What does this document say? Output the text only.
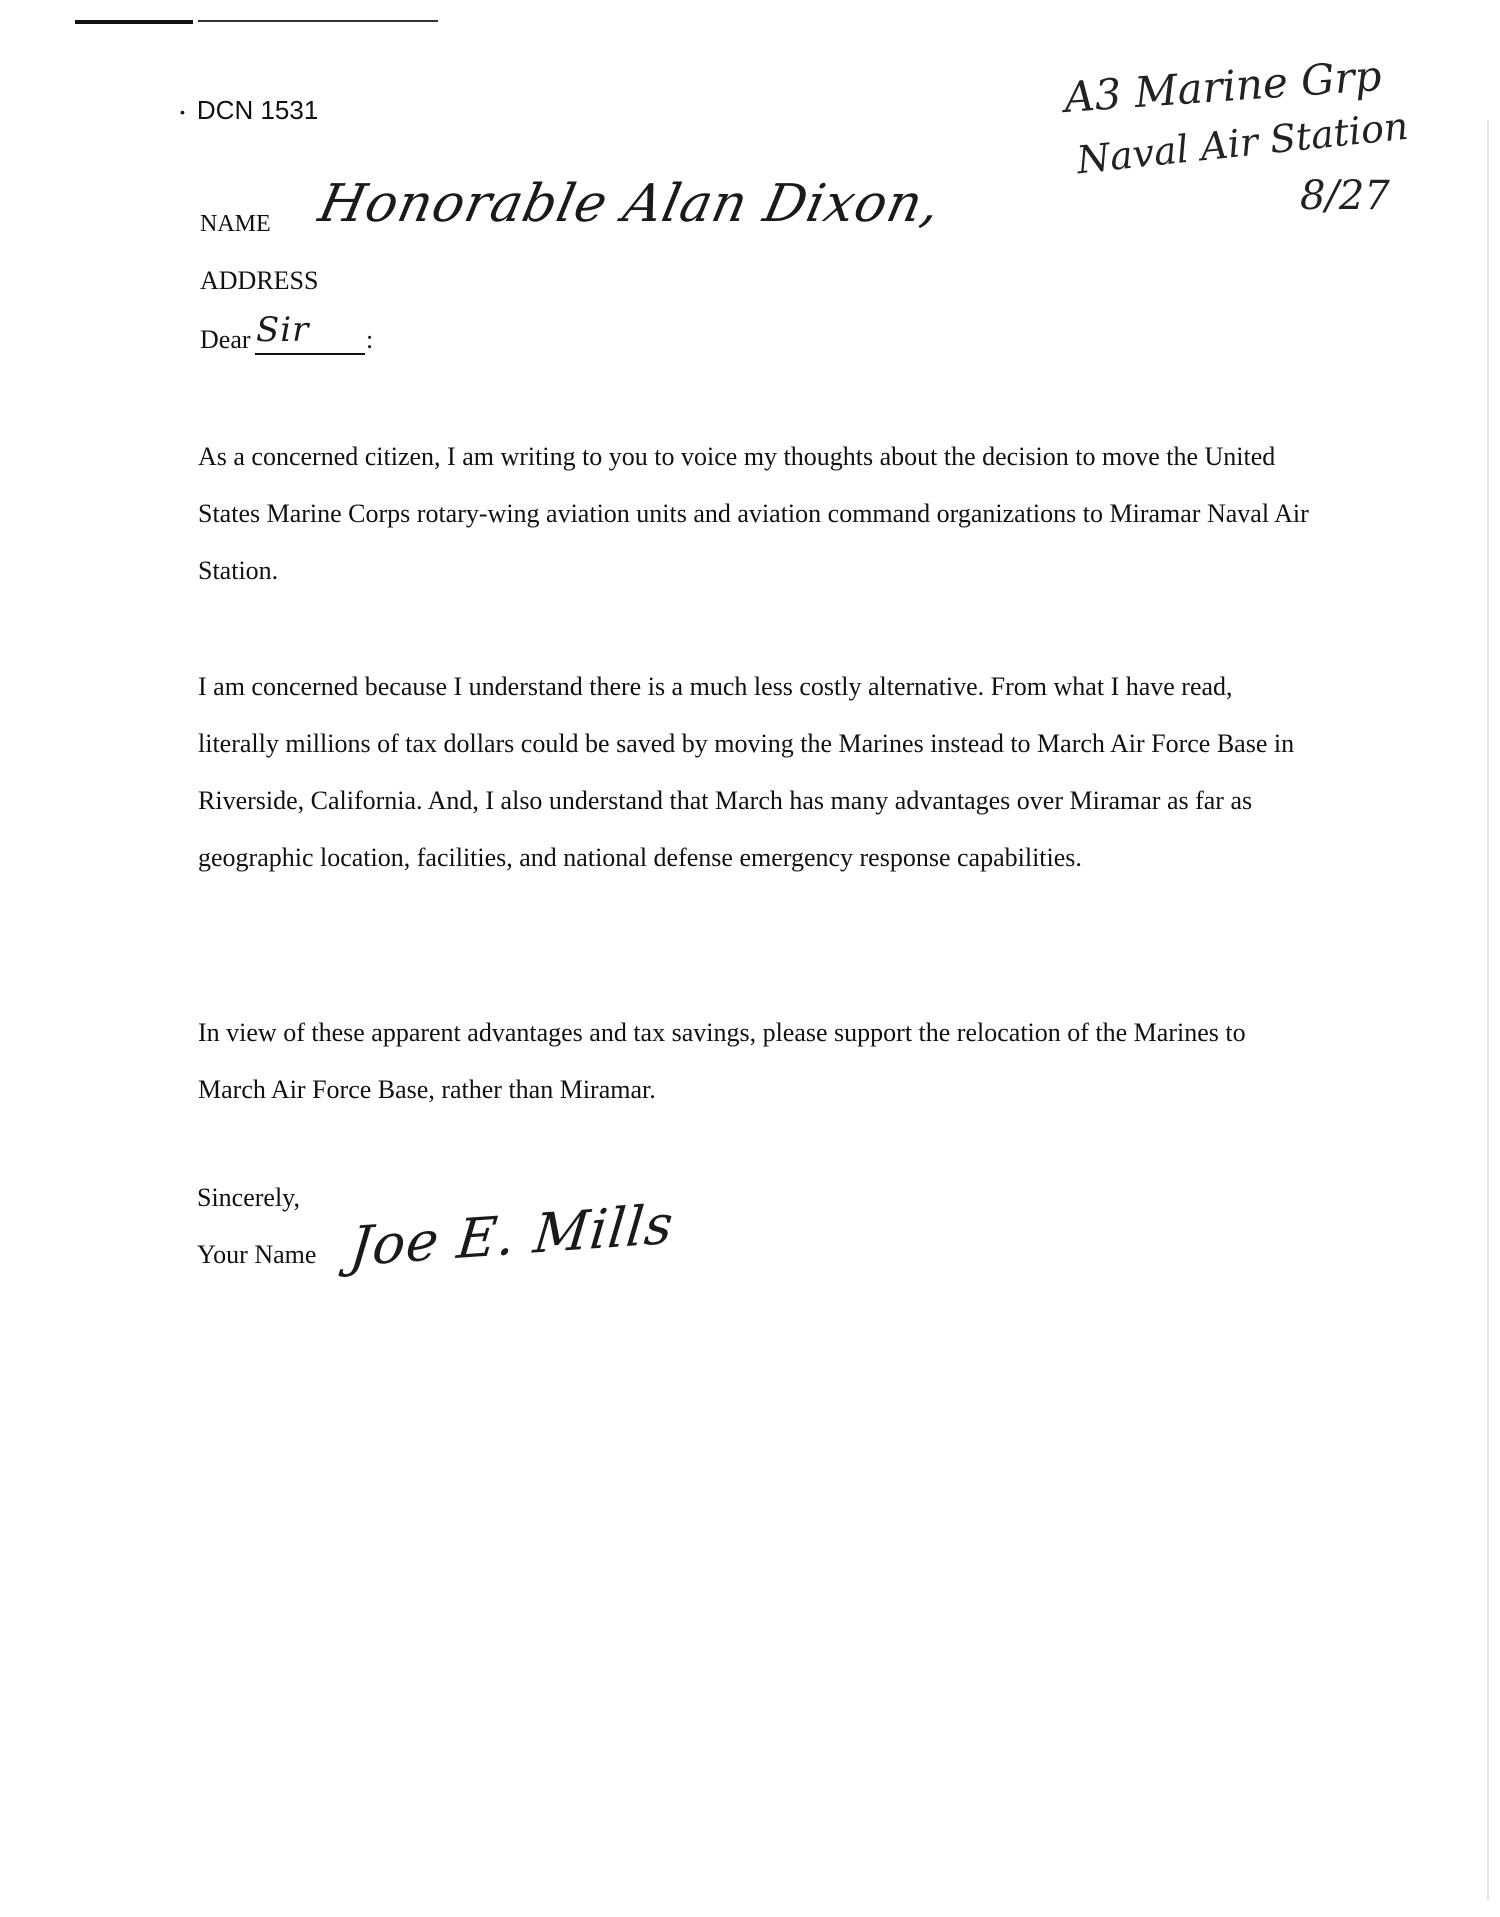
• DCN 1531	A3 Marine Grp
Naval Air Station
8/27
NAME Honorable Alan Dixon,
ADDRESS
Dear Sir :

As a concerned citizen, I am writing to you to voice my thoughts about the decision to move the United States Marine Corps rotary-wing aviation units and aviation command organizations to Miramar Naval Air Station.

I am concerned because I understand there is a much less costly alternative. From what I have read, literally millions of tax dollars could be saved by moving the Marines instead to March Air Force Base in Riverside, California. And, I also understand that March has many advantages over Miramar as far as geographic location, facilities, and national defense emergency response capabilities.

In view of these apparent advantages and tax savings, please support the relocation of the Marines to March Air Force Base, rather than Miramar.

Sincerely,
Your Name Joe E. Mills
